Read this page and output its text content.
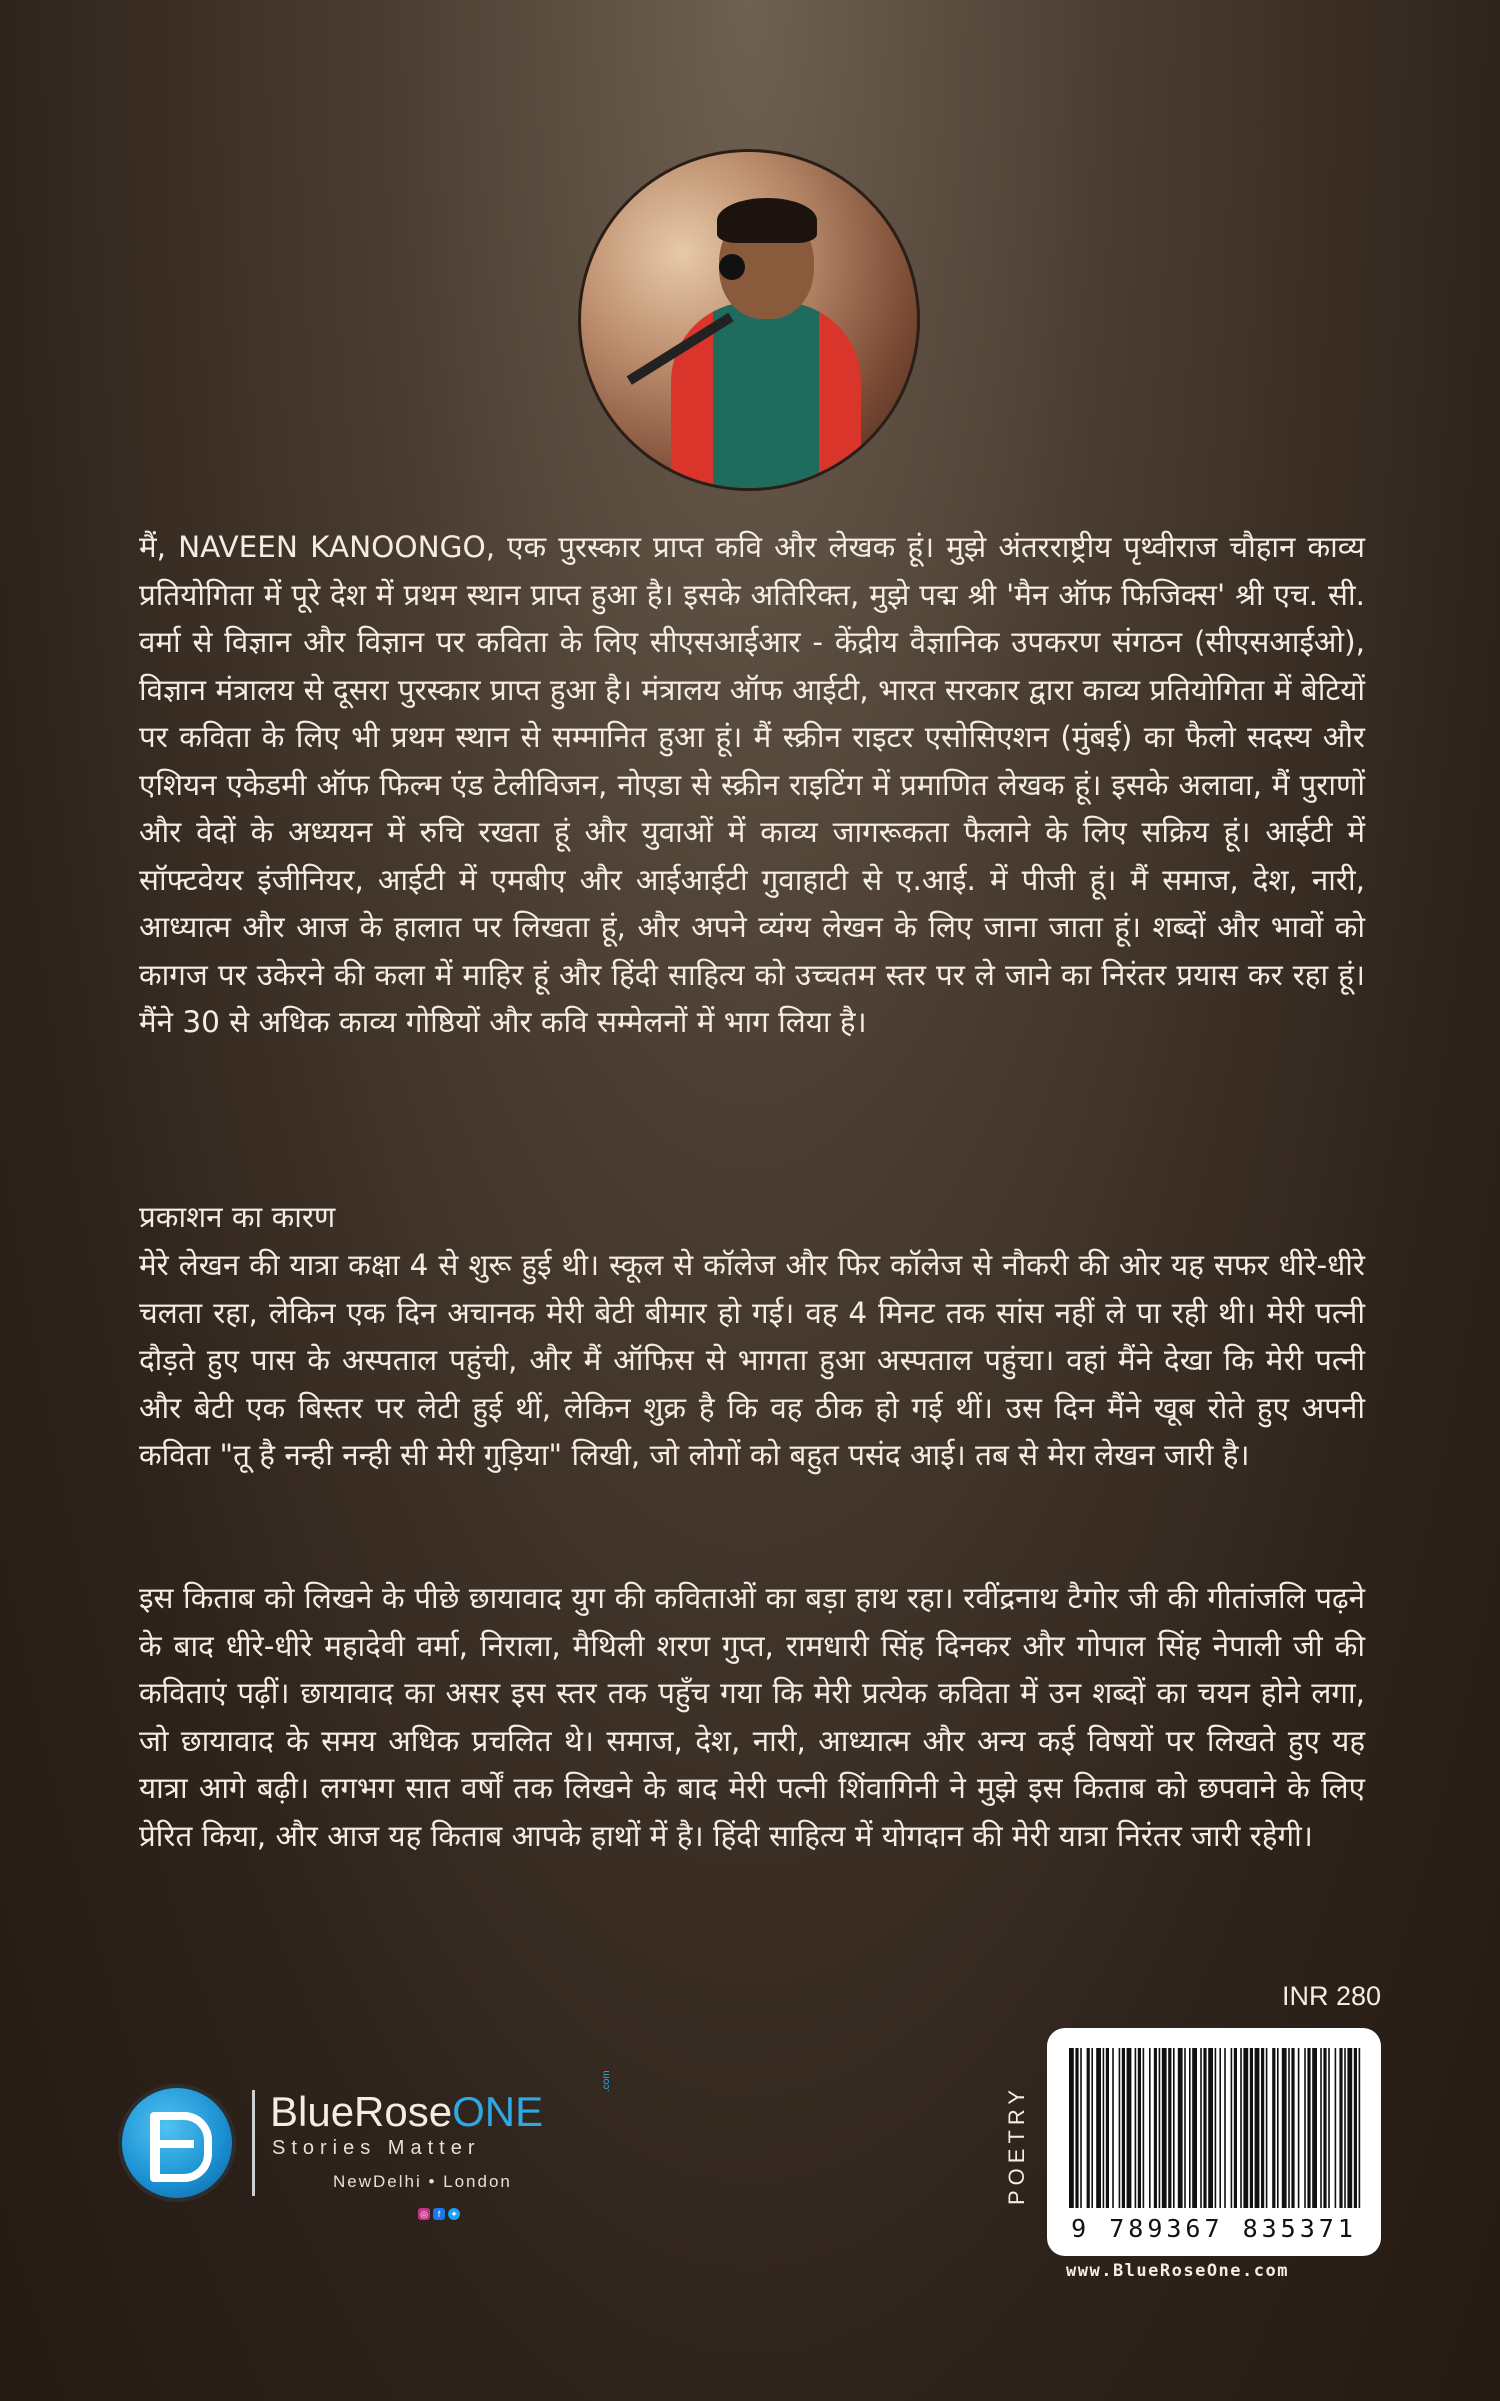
मैं, NAVEEN KANOONGO, एक पुरस्कार प्राप्त कवि और लेखक हूं। मुझे अंतरराष्ट्रीय पृथ्वीराज चौहान काव्य प्रतियोगिता में पूरे देश में प्रथम स्थान प्राप्त हुआ है। इसके अतिरिक्त, मुझे पद्म श्री 'मैन ऑफ फिजिक्स' श्री एच. सी. वर्मा से विज्ञान और विज्ञान पर कविता के लिए सीएसआईआर - केंद्रीय वैज्ञानिक उपकरण संगठन (सीएसआईओ), विज्ञान मंत्रालय से दूसरा पुरस्कार प्राप्त हुआ है। मंत्रालय ऑफ आईटी, भारत सरकार द्वारा काव्य प्रतियोगिता में बेटियों पर कविता के लिए भी प्रथम स्थान से सम्मानित हुआ हूं। मैं स्क्रीन राइटर एसोसिएशन (मुंबई) का फैलो सदस्य और एशियन एकेडमी ऑफ फिल्म एंड टेलीविजन, नोएडा से स्क्रीन राइटिंग में प्रमाणित लेखक हूं। इसके अलावा, मैं पुराणों और वेदों के अध्ययन में रुचि रखता हूं और युवाओं में काव्य जागरूकता फैलाने के लिए सक्रिय हूं। आईटी में सॉफ्टवेयर इंजीनियर, आईटी में एमबीए और आईआईटी गुवाहाटी से ए.आई. में पीजी हूं। मैं समाज, देश, नारी, आध्यात्म और आज के हालात पर लिखता हूं, और अपने व्यंग्य लेखन के लिए जाना जाता हूं। शब्दों और भावों को कागज पर उकेरने की कला में माहिर हूं और हिंदी साहित्य को उच्चतम स्तर पर ले जाने का निरंतर प्रयास कर रहा हूं। मैंने 30 से अधिक काव्य गोष्ठियों और कवि सम्मेलनों में भाग लिया है।
प्रकाशन का कारण
मेरे लेखन की यात्रा कक्षा 4 से शुरू हुई थी। स्कूल से कॉलेज और फिर कॉलेज से नौकरी की ओर यह सफर धीरे-धीरे चलता रहा, लेकिन एक दिन अचानक मेरी बेटी बीमार हो गई। वह 4 मिनट तक सांस नहीं ले पा रही थी। मेरी पत्नी दौड़ते हुए पास के अस्पताल पहुंची, और मैं ऑफिस से भागता हुआ अस्पताल पहुंचा। वहां मैंने देखा कि मेरी पत्नी और बेटी एक बिस्तर पर लेटी हुई थीं, लेकिन शुक्र है कि वह ठीक हो गई थीं। उस दिन मैंने खूब रोते हुए अपनी कविता "तू है नन्ही नन्ही सी मेरी गुड़िया" लिखी, जो लोगों को बहुत पसंद आई। तब से मेरा लेखन जारी है।
इस किताब को लिखने के पीछे छायावाद युग की कविताओं का बड़ा हाथ रहा। रवींद्रनाथ टैगोर जी की गीतांजलि पढ़ने के बाद धीरे-धीरे महादेवी वर्मा, निराला, मैथिली शरण गुप्त, रामधारी सिंह दिनकर और गोपाल सिंह नेपाली जी की कविताएं पढ़ीं। छायावाद का असर इस स्तर तक पहुँच गया कि मेरी प्रत्येक कविता में उन शब्दों का चयन होने लगा, जो छायावाद के समय अधिक प्रचलित थे। समाज, देश, नारी, आध्यात्म और अन्य कई विषयों पर लिखते हुए यह यात्रा आगे बढ़ी। लगभग सात वर्षों तक लिखने के बाद मेरी पत्नी शिंवागिनी ने मुझे इस किताब को छपवाने के लिए प्रेरित किया, और आज यह किताब आपके हाथों में है। हिंदी साहित्य में योगदान की मेरी यात्रा निरंतर जारी रहेगी।
INR 280
POETRY
9 789367 835371
www.BlueRoseOne.com
BlueRoseONE
.com
Stories Matter
NewDelhi • London
◎	f	✦
